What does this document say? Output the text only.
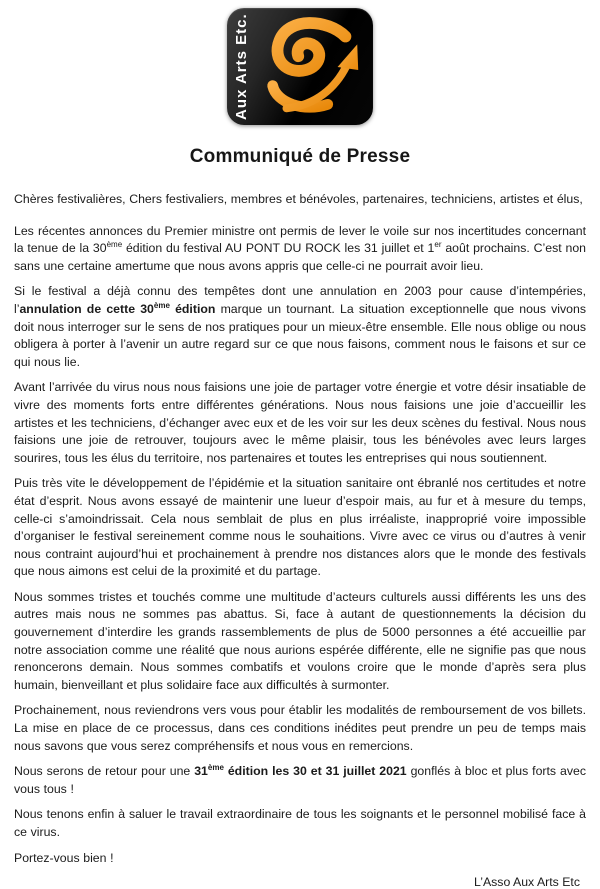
Aux Arts Etc.
Communiqué de Presse

Chères festivalières, Chers festivaliers, membres et bénévoles, partenaires, techniciens, artistes et élus,

Les récentes annonces du Premier ministre ont permis de lever le voile sur nos incertitudes concernant la tenue de la 30ème édition du festival AU PONT DU ROCK les 31 juillet et 1er août prochains. C’est non sans une certaine amertume que nous avons appris que celle-ci ne pourrait avoir lieu.

Si le festival a déjà connu des tempêtes dont une annulation en 2003 pour cause d’intempéries, l’annulation de cette 30ème édition marque un tournant. La situation exceptionnelle que nous vivons doit nous interroger sur le sens de nos pratiques pour un mieux-être ensemble. Elle nous oblige ou nous obligera à porter à l’avenir un autre regard sur ce que nous faisons, comment nous le faisons et sur ce qui nous lie.

Avant l’arrivée du virus nous nous faisions une joie de partager votre énergie et votre désir insatiable de vivre des moments forts entre différentes générations. Nous nous faisions une joie d’accueillir les artistes et les techniciens, d’échanger avec eux et de les voir sur les deux scènes du festival. Nous nous faisions une joie de retrouver, toujours avec le même plaisir, tous les bénévoles avec leurs larges sourires, tous les élus du territoire, nos partenaires et toutes les entreprises qui nous soutiennent.

Puis très vite le développement de l’épidémie et la situation sanitaire ont ébranlé nos certitudes et notre état d’esprit. Nous avons essayé de maintenir une lueur d’espoir mais, au fur et à mesure du temps, celle-ci s’amoindrissait. Cela nous semblait de plus en plus irréaliste, inapproprié voire impossible d’organiser le festival sereinement comme nous le souhaitions. Vivre avec ce virus ou d’autres à venir nous contraint aujourd’hui et prochainement à prendre nos distances alors que le monde des festivals que nous aimons est celui de la proximité et du partage.

Nous sommes tristes et touchés comme une multitude d’acteurs culturels aussi différents les uns des autres mais nous ne sommes pas abattus. Si, face à autant de questionnements la décision du gouvernement d’interdire les grands rassemblements de plus de 5000 personnes a été accueillie par notre association comme une réalité que nous aurions espérée différente, elle ne signifie pas que nous renoncerons demain. Nous sommes combatifs et voulons croire que le monde d’après sera plus humain, bienveillant et plus solidaire face aux difficultés à surmonter.

Prochainement, nous reviendrons vers vous pour établir les modalités de remboursement de vos billets. La mise en place de ce processus, dans ces conditions inédites peut prendre un peu de temps mais nous savons que vous serez compréhensifs et nous vous en remercions.

Nous serons de retour pour une 31ème édition les 30 et 31 juillet 2021 gonflés à bloc et plus forts avec vous tous !

Nous tenons enfin à saluer le travail extraordinaire de tous les soignants et le personnel mobilisé face à ce virus.

Portez-vous bien !

L’Asso Aux Arts Etc
